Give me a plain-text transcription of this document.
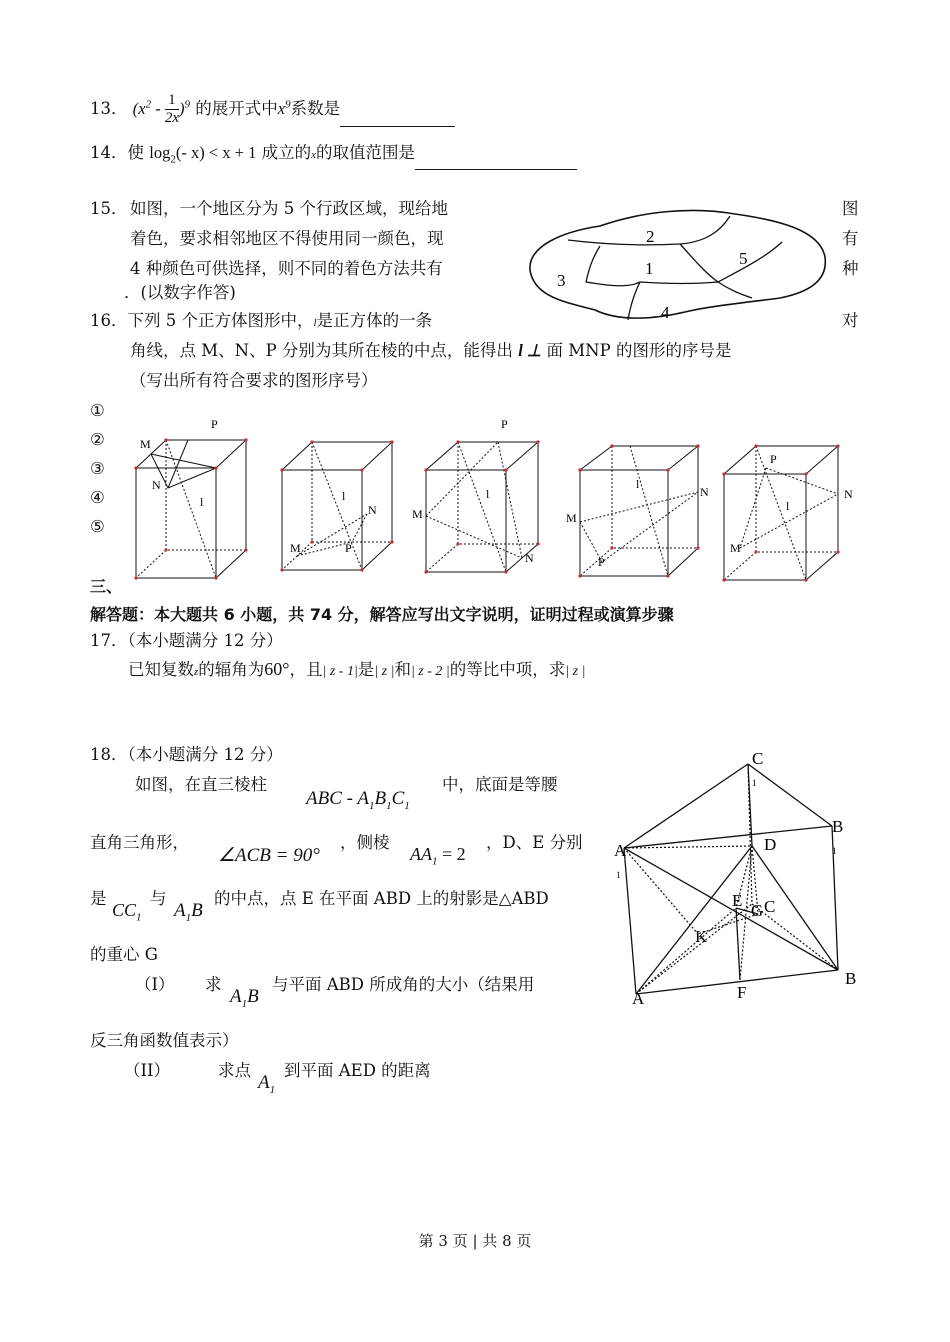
13． $(x^2 - \frac{1}{2x} )^9$ 的展开式中$x^9$系数是
14．使 $\log_2(-$ x) < x + 1 成立的x的取值范围是
15． 如图，一个地区分为 5 个行政区域，现给地	图
着色，要求相邻地区不得使用同一颜色，现	有
4 种颜色可供选择，则不同的着色方法共有	种
．(以数字作答)
2
1
5
3
4
16．下列 5 个正方体图形中，l是正方体的一条	对
角线，点 M、N、P 分别为其所在棱的中点，能得出 l ⊥ 面 MNP 的图形的序号是
（写出所有符合要求的图形序号）
①
②
③
④
⑤
M
P
N
l	l
N
M	P
P
l
M
N
l
N
M
P
P
N
l
M
三、
解答题：本大题共 6 小题，共 74 分，解答应写出文字说明，证明过程或演算步骤
17．（本小题满分 12 分）
已知复数z的辐角为60°，且| z - 1|是| z |和| z - 2 |的等比中项，求| z |
18．（本小题满分 12 分）
如图，在直三棱柱
ABC - $A_1B_1C_1$
中，底面是等腰
直角三角形，
∠ACB = 90°
，侧棱
$AA_1 = 2$
，D、E 分别
是
$CC_1$
与
$A_1B$
的中点，点 E 在平面 ABD 上的射影是△ABD
的重心 G
（I） 求
$A_1B$
与平面 ABD 所成角的大小（结果用
反三角函数值表示）
（II）	求点
$A_1$
到平面 AED 的距离
C
1
B
1
A
1
D
E
G C
K
A	F
B
第 3 页 | 共 8 页
